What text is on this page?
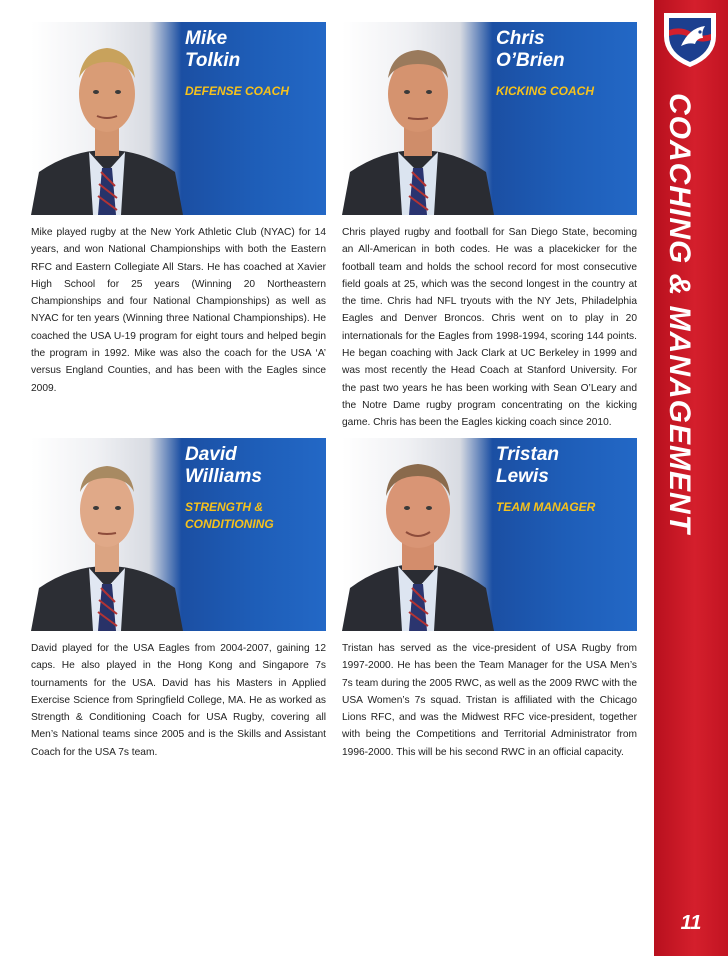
COACHING & MANAGEMENT
11
Mike
Tolkin
DEFENSE COACH
Mike played rugby at the New York Athletic Club (NYAC) for 14 years, and won National Championships with both the Eastern RFC and Eastern Collegiate All Stars. He has coached at Xavier High School for 25 years (Winning 20 Northeastern Championships and four National Championships) as well as NYAC for ten years (Winning three National Championships). He coached the USA U-19 program for eight tours and helped begin the program in 1992. Mike was also the coach for the USA ‘A’ versus England Counties, and has been with the Eagles since 2009.
Chris
O’Brien
KICKING COACH
Chris played rugby and football for San Diego State, becoming an All-American in both codes. He was a placekicker for the football team and holds the school record for most consecutive field goals at 25, which was the second longest in the country at the time. Chris had NFL tryouts with the NY Jets, Philadelphia Eagles and Denver Broncos. Chris went on to play in 20 internationals for the Eagles from 1998-1994, scoring 144 points. He began coaching with Jack Clark at UC Berkeley in 1999 and was most recently the Head Coach at Stanford University. For the past two years he has been working with Sean O’Leary and the Notre Dame rugby program concentrating on the kicking game. Chris has been the Eagles kicking coach since 2010.
David
Williams
STRENGTH &
CONDITIONING
David played for the USA Eagles from 2004-2007, gaining 12 caps. He also played in the Hong Kong and Singapore 7s tournaments for the USA. David has his Masters in Applied Exercise Science from Springfield College, MA. He as worked as Strength & Conditioning Coach for USA Rugby, covering all Men’s National teams since 2005 and is the Skills and Assistant Coach for the USA 7s team.
Tristan
Lewis
TEAM MANAGER
Tristan has served as the vice-president of USA Rugby from 1997-2000. He has been the Team Manager for the USA Men’s 7s team during the 2005 RWC, as well as the 2009 RWC with the USA Women’s 7s squad. Tristan is affiliated with the Chicago Lions RFC, and was the Midwest RFC vice-president, together with being the Competitions and Territorial Administrator from 1996-2000. This will be his second RWC in an official capacity.
